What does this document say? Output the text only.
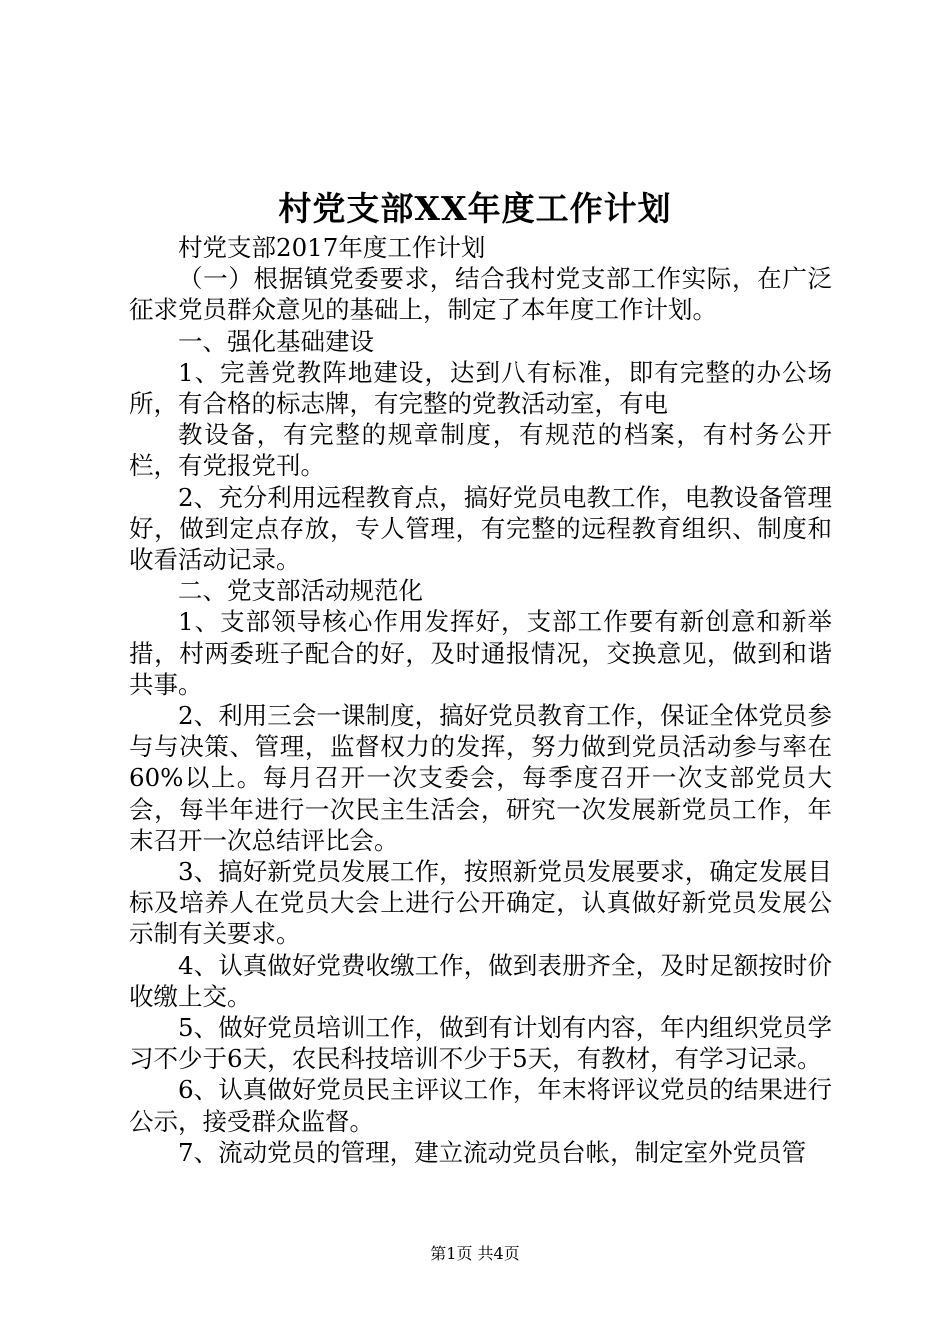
村党支部XX年度工作计划

村党支部2017年度工作计划

（一）根据镇党委要求，结合我村党支部工作实际，在广泛征求党员群众意见的基础上，制定了本年度工作计划。

一、强化基础建设

1、完善党教阵地建设，达到八有标准，即有完整的办公场所，有合格的标志牌，有完整的党教活动室，有电

教设备，有完整的规章制度，有规范的档案，有村务公开栏，有党报党刊。

2、充分利用远程教育点，搞好党员电教工作，电教设备管理好，做到定点存放，专人管理，有完整的远程教育组织、制度和收看活动记录。

二、党支部活动规范化

1、支部领导核心作用发挥好，支部工作要有新创意和新举措，村两委班子配合的好，及时通报情况，交换意见，做到和谐共事。

2、利用三会一课制度，搞好党员教育工作，保证全体党员参与与决策、管理，监督权力的发挥，努力做到党员活动参与率在60%以上。每月召开一次支委会，每季度召开一次支部党员大会，每半年进行一次民主生活会，研究一次发展新党员工作，年末召开一次总结评比会。

3、搞好新党员发展工作，按照新党员发展要求，确定发展目标及培养人在党员大会上进行公开确定，认真做好新党员发展公示制有关要求。

4、认真做好党费收缴工作，做到表册齐全，及时足额按时价收缴上交。

5、做好党员培训工作，做到有计划有内容，年内组织党员学习不少于6天，农民科技培训不少于5天，有教材，有学习记录。

6、认真做好党员民主评议工作，年末将评议党员的结果进行公示，接受群众监督。

7、流动党员的管理，建立流动党员台帐，制定室外党员管

第1页 共4页
